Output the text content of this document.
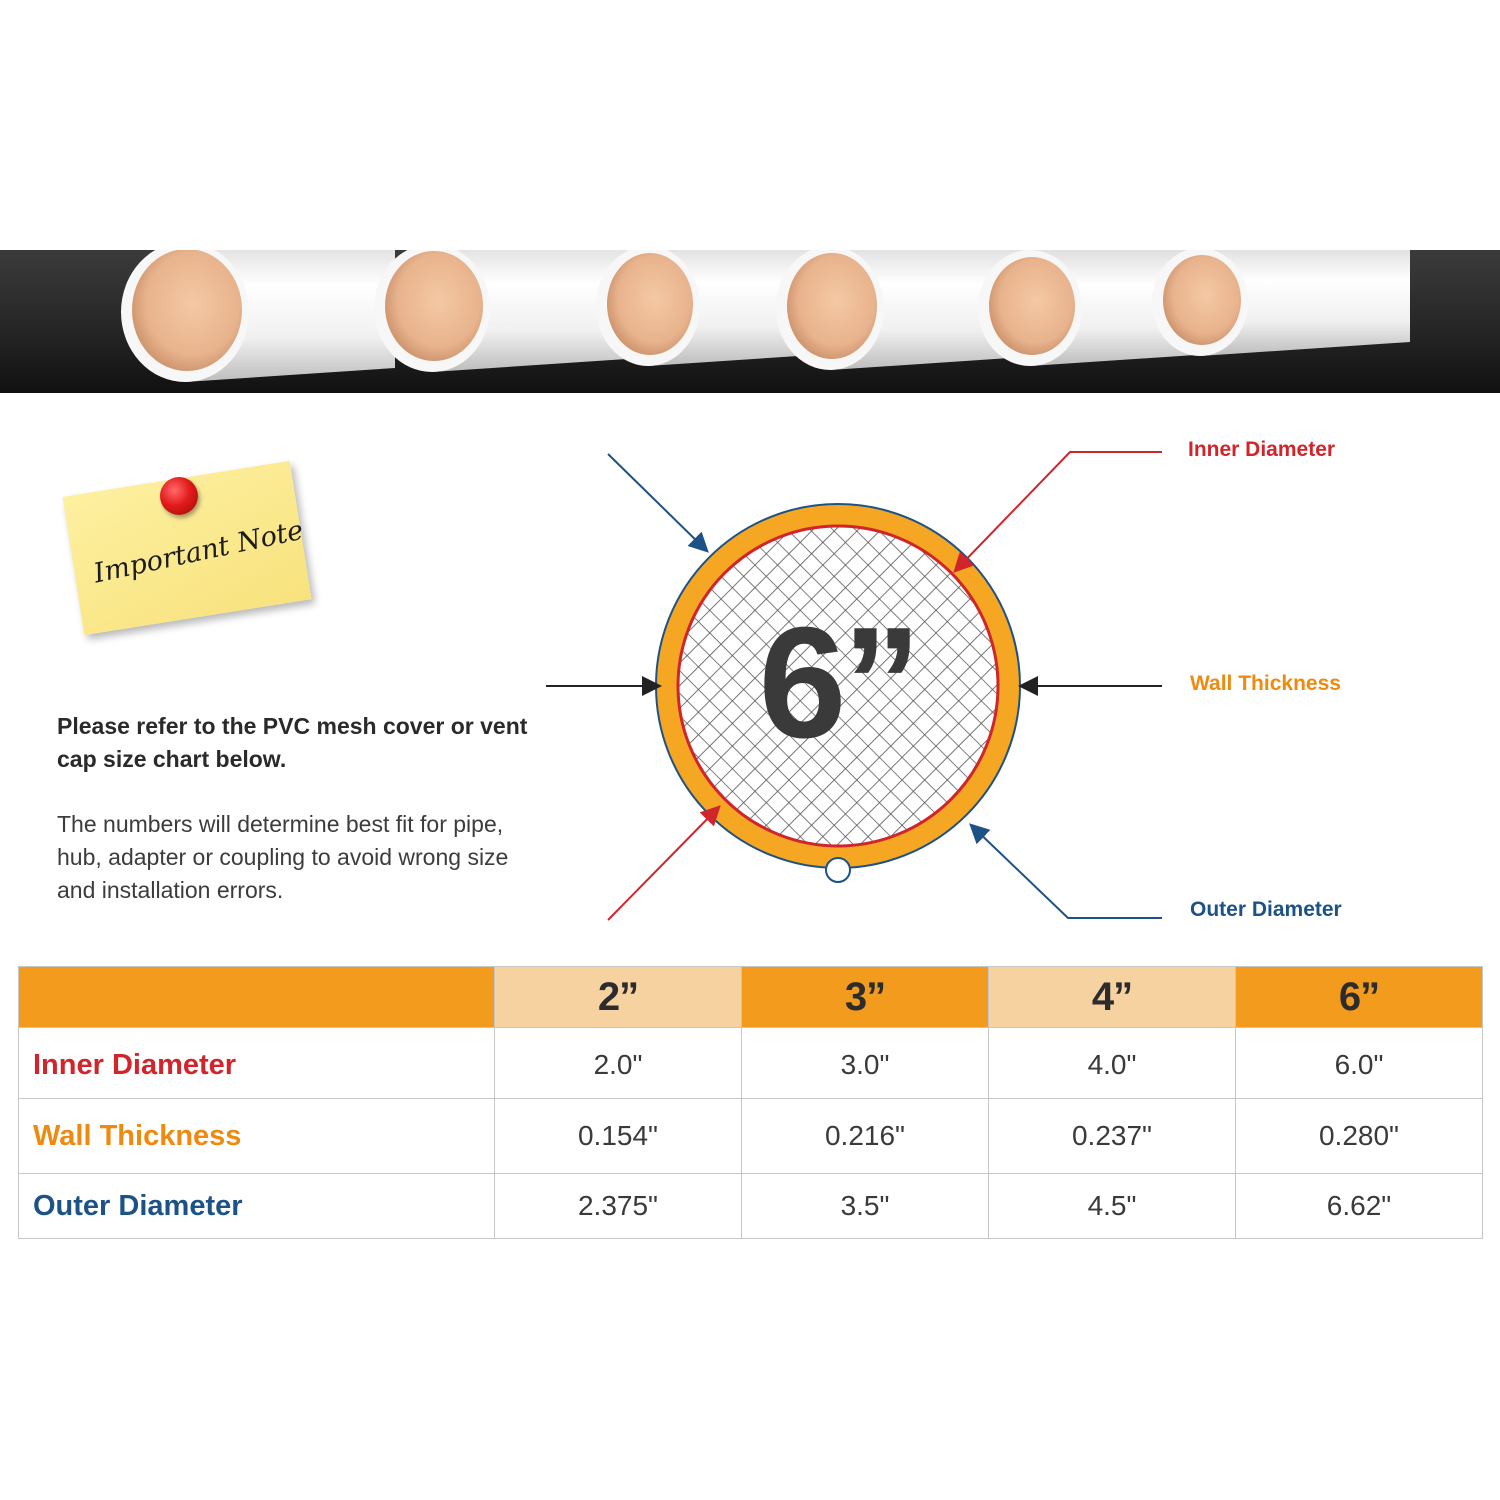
Important Note
Please refer to the PVC mesh cover or vent cap size chart below.
The numbers will determine best fit for pipe, hub, adapter or coupling to avoid wrong size and installation errors.
6”
Inner Diameter
Wall Thickness
Outer Diameter
	2”	3”	4”	6”
Inner Diameter	2.0"	3.0"	4.0"	6.0"
Wall Thickness	0.154"	0.216"	0.237"	0.280"
Outer Diameter	2.375"	3.5"	4.5"	6.62"
